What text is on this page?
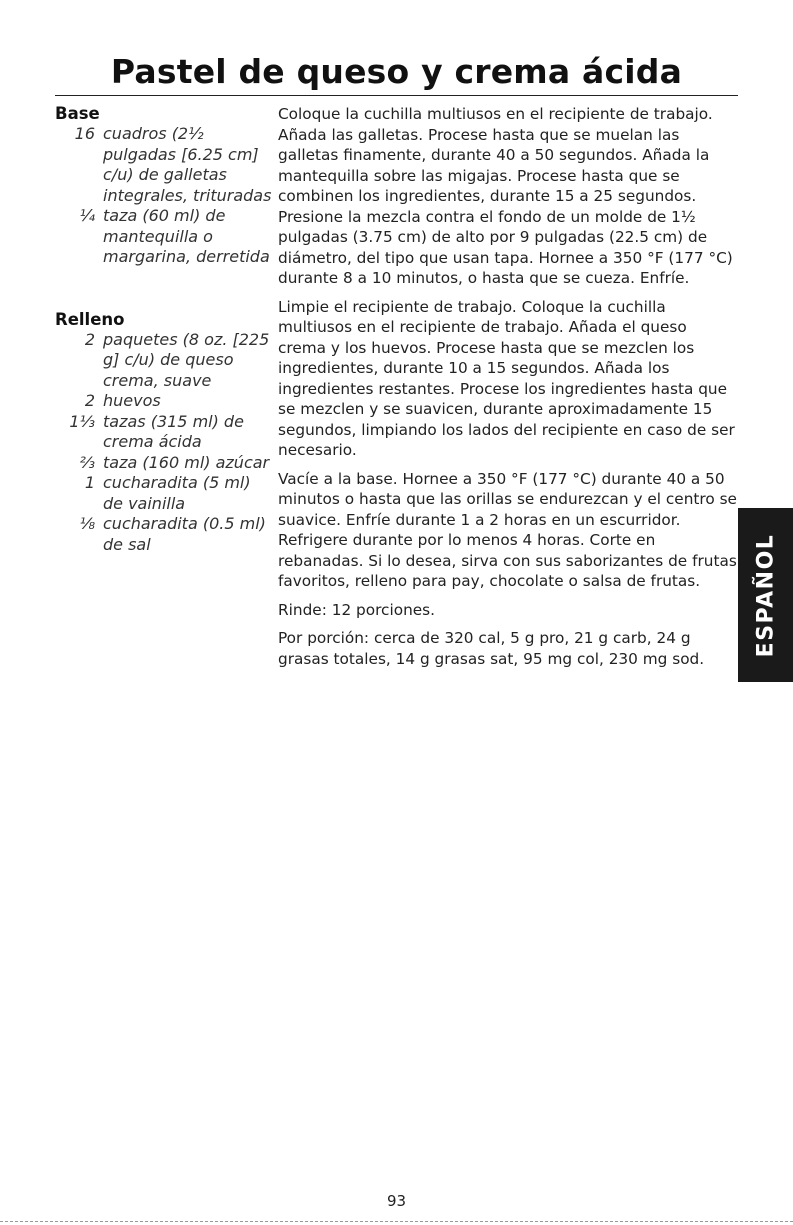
Pastel de queso y crema ácida
Base
16 cuadros (2½ pulgadas [6.25 cm] c/u) de galletas integrales, trituradas
¼ taza (60 ml) de mantequilla o margarina, derretida
Relleno
2 paquetes (8 oz. [225 g] c/u) de queso crema, suave
2 huevos
1⅓ tazas (315 ml) de crema ácida
⅔ taza (160 ml) azúcar
1 cucharadita (5 ml) de vainilla
⅛ cucharadita (0.5 ml) de sal

Coloque la cuchilla multiusos en el recipiente de trabajo. Añada las galletas. Procese hasta que se muelan las galletas finamente, durante 40 a 50 segundos. Añada la mantequilla sobre las migajas. Procese hasta que se combinen los ingredientes, durante 15 a 25 segundos. Presione la mezcla contra el fondo de un molde de 1½ pulgadas (3.75 cm) de alto por 9 pulgadas (22.5 cm) de diámetro, del tipo que usan tapa. Hornee a 350 °F (177 °C) durante 8 a 10 minutos, o hasta que se cueza. Enfríe.

Limpie el recipiente de trabajo. Coloque la cuchilla multiusos en el recipiente de trabajo. Añada el queso crema y los huevos. Procese hasta que se mezclen los ingredientes, durante 10 a 15 segundos. Añada los ingredientes restantes. Procese los ingredientes hasta que se mezclen y se suavicen, durante aproximadamente 15 segundos, limpiando los lados del recipiente en caso de ser necesario.

Vacíe a la base. Hornee a 350 °F (177 °C) durante 40 a 50 minutos o hasta que las orillas se endurezcan y el centro se suavice. Enfríe durante 1 a 2 horas en un escurridor. Refrigere durante por lo menos 4 horas. Corte en rebanadas. Si lo desea, sirva con sus saborizantes de frutas favoritos, relleno para pay, chocolate o salsa de frutas.

Rinde: 12 porciones.

Por porción: cerca de 320 cal, 5 g pro, 21 g carb, 24 g grasas totales, 14 g grasas sat, 95 mg col, 230 mg sod.

ESPAÑOL
93
